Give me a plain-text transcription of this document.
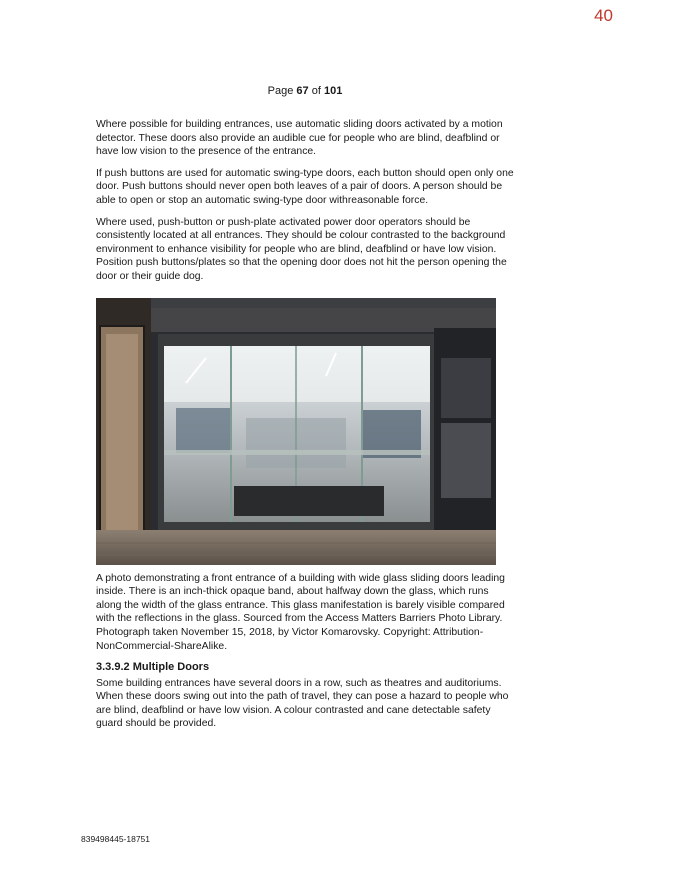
40
Page 67 of 101

Where possible for building entrances, use automatic sliding doors activated by a motion detector. These doors also provide an audible cue for people who are blind, deafblind or have low vision to the presence of the entrance.

If push buttons are used for automatic swing-type doors, each button should open only one door. Push buttons should never open both leaves of a pair of doors. A person should be able to open or stop an automatic swing-type door withreasonable force.

Where used, push-button or push-plate activated power door operators should be consistently located at all entrances. They should be colour contrasted to the background environment to enhance visibility for people who are blind, deafblind or have low vision. Position push buttons/plates so that the opening door does not hit the person opening the door or their guide dog.

A photo demonstrating a front entrance of a building with wide glass sliding doors leading inside. There is an inch-thick opaque band, about halfway down the glass, which runs along the width of the glass entrance. This glass manifestation is barely visible compared with the reflections in the glass. Sourced from the Access Matters Barriers Photo Library. Photograph taken November 15, 2018, by Victor Komarovsky. Copyright: Attribution-NonCommercial-ShareAlike.

3.3.9.2 Multiple Doors

Some building entrances have several doors in a row, such as theatres and auditoriums. When these doors swing out into the path of travel, they can pose a hazard to people who are blind, deafblind or have low vision. A colour contrasted and cane detectable safety guard should be provided.

839498445-18751
